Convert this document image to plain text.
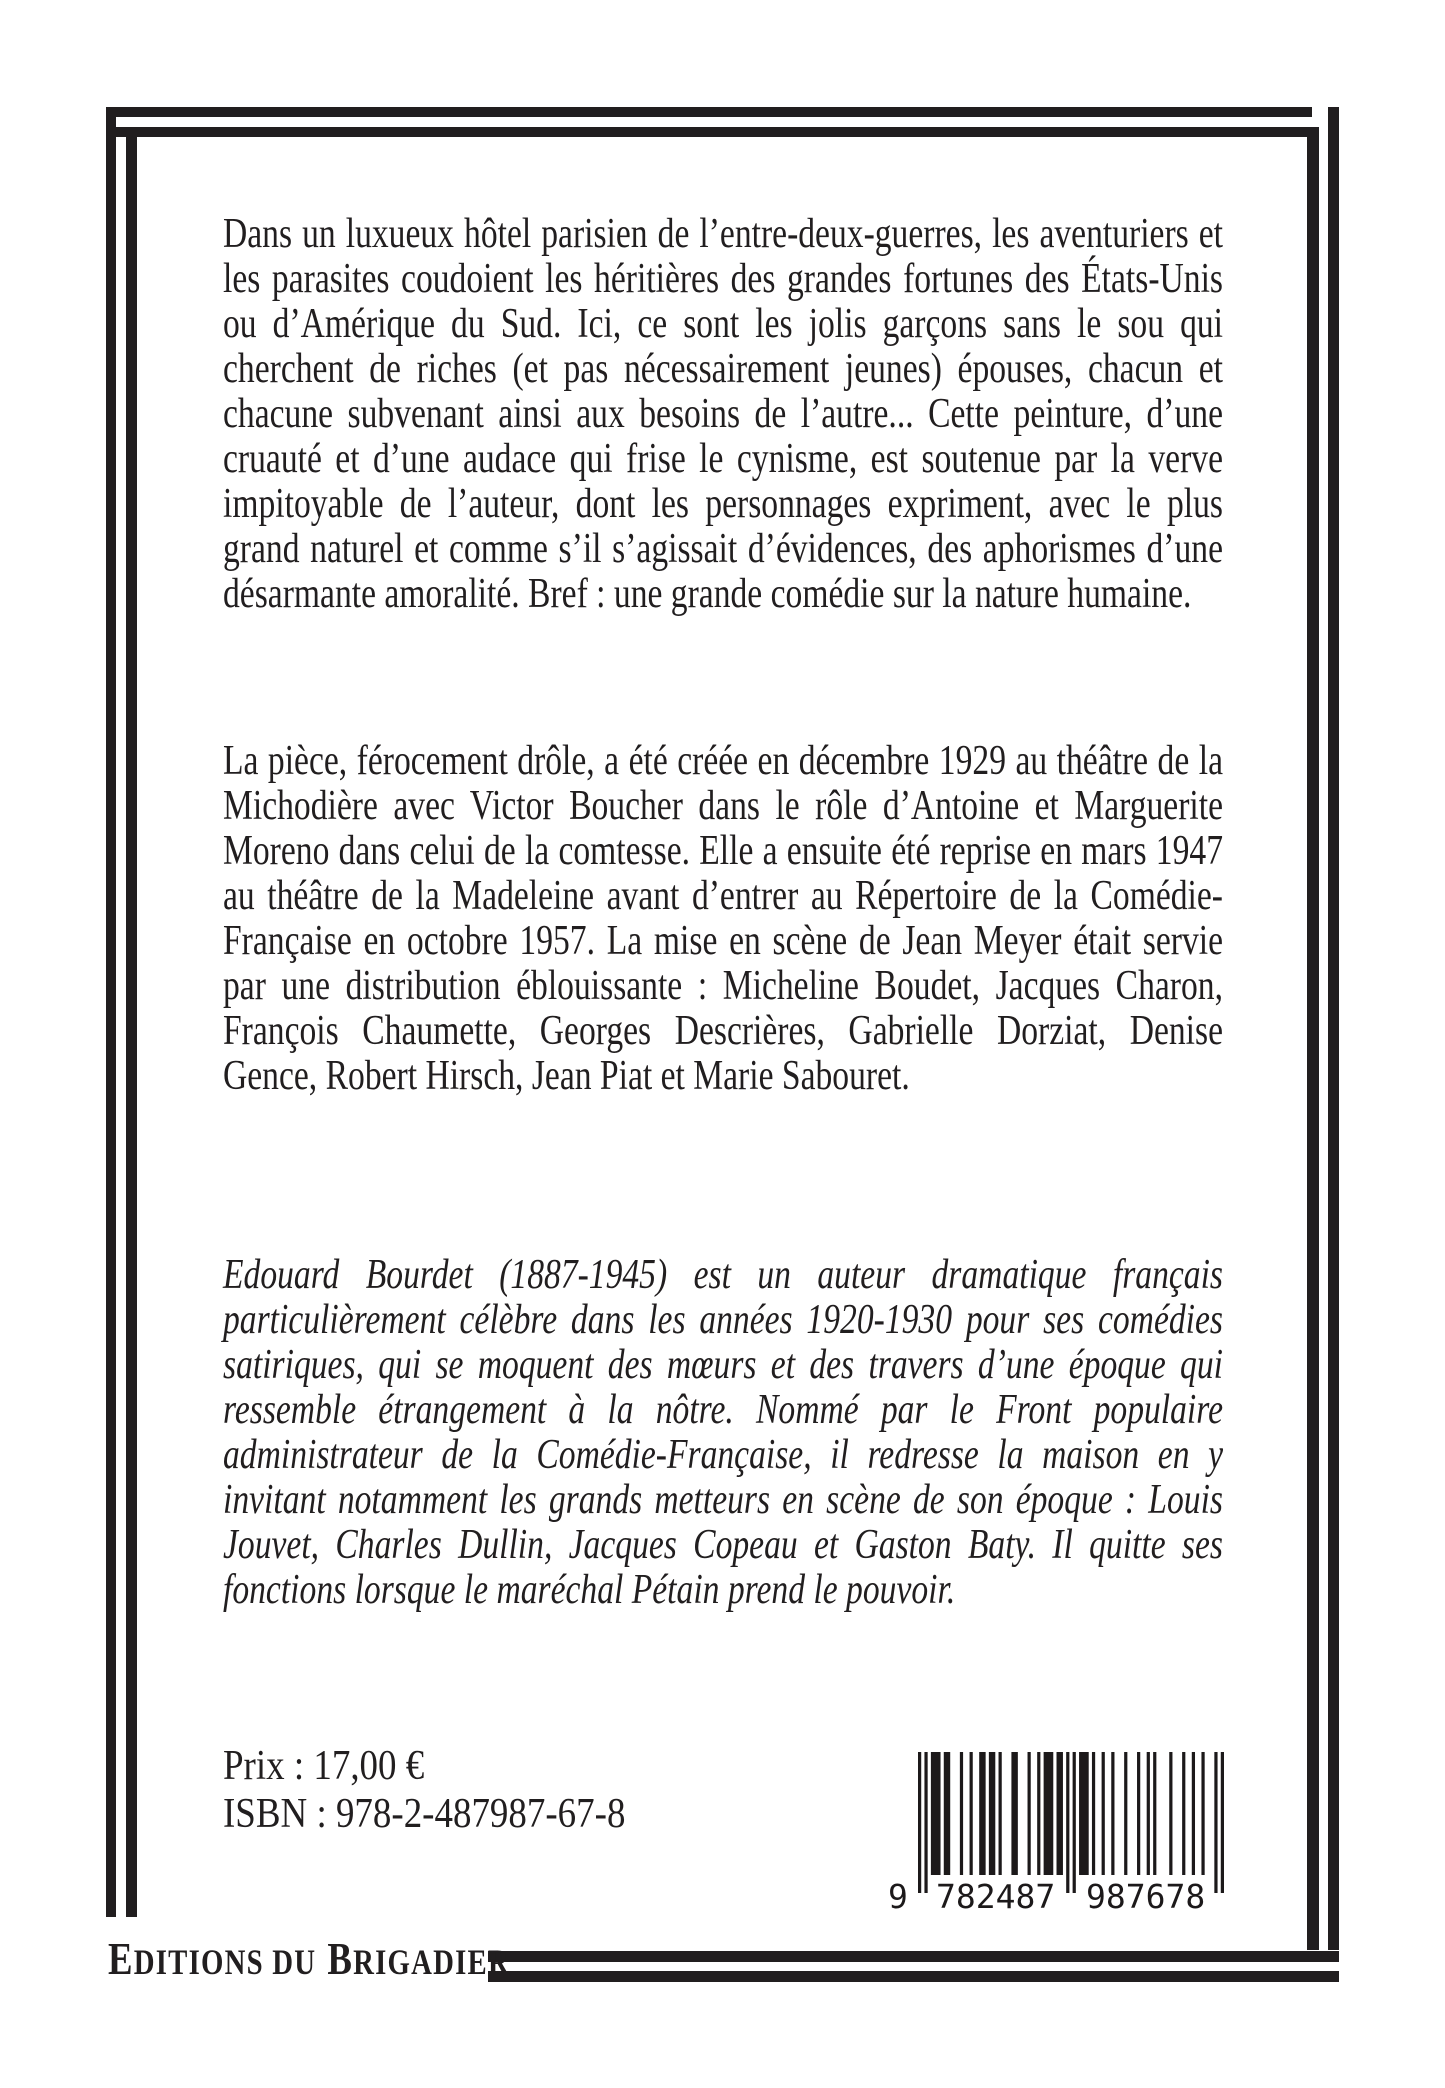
Dans un luxueux hôtel parisien de l’entre-deux-guerres, les aventuriers et les parasites coudoient les héritières des grandes fortunes des États-Unis ou d’Amérique du Sud. Ici, ce sont les jolis garçons sans le sou qui cherchent de riches (et pas nécessairement jeunes) épouses, chacun et chacune subvenant ainsi aux besoins de l’autre... Cette peinture, d’une cruauté et d’une audace qui frise le cynisme, est soutenue par la verve impitoyable de l’auteur, dont les personnages expriment, avec le plus grand naturel et comme s’il s’agissait d’évidences, des aphorismes d’une désarmante amoralité. Bref : une grande comédie sur la nature humaine.

La pièce, férocement drôle, a été créée en décembre 1929 au théâtre de la Michodière avec Victor Boucher dans le rôle d’Antoine et Marguerite Moreno dans celui de la comtesse. Elle a ensuite été reprise en mars 1947 au théâtre de la Madeleine avant d’entrer au Répertoire de la Comédie-Française en octobre 1957. La mise en scène de Jean Meyer était servie par une distribution éblouissante : Micheline Boudet, Jacques Charon, François Chaumette, Georges Descrières, Gabrielle Dorziat, Denise Gence, Robert Hirsch, Jean Piat et Marie Sabouret.

Edouard Bourdet (1887-1945) est un auteur dramatique français particulièrement célèbre dans les années 1920-1930 pour ses comédies satiriques, qui se moquent des mœurs et des travers d’une époque qui ressemble étrangement à la nôtre. Nommé par le Front populaire administrateur de la Comédie-Française, il redresse la maison en y invitant notamment les grands metteurs en scène de son époque : Louis Jouvet, Charles Dullin, Jacques Copeau et Gaston Baty. Il quitte ses fonctions lorsque le maréchal Pétain prend le pouvoir.

Prix : 17,00 €
ISBN : 978-2-487987-67-8
9 782487 987678
EDITIONS DU BRIGADIER
